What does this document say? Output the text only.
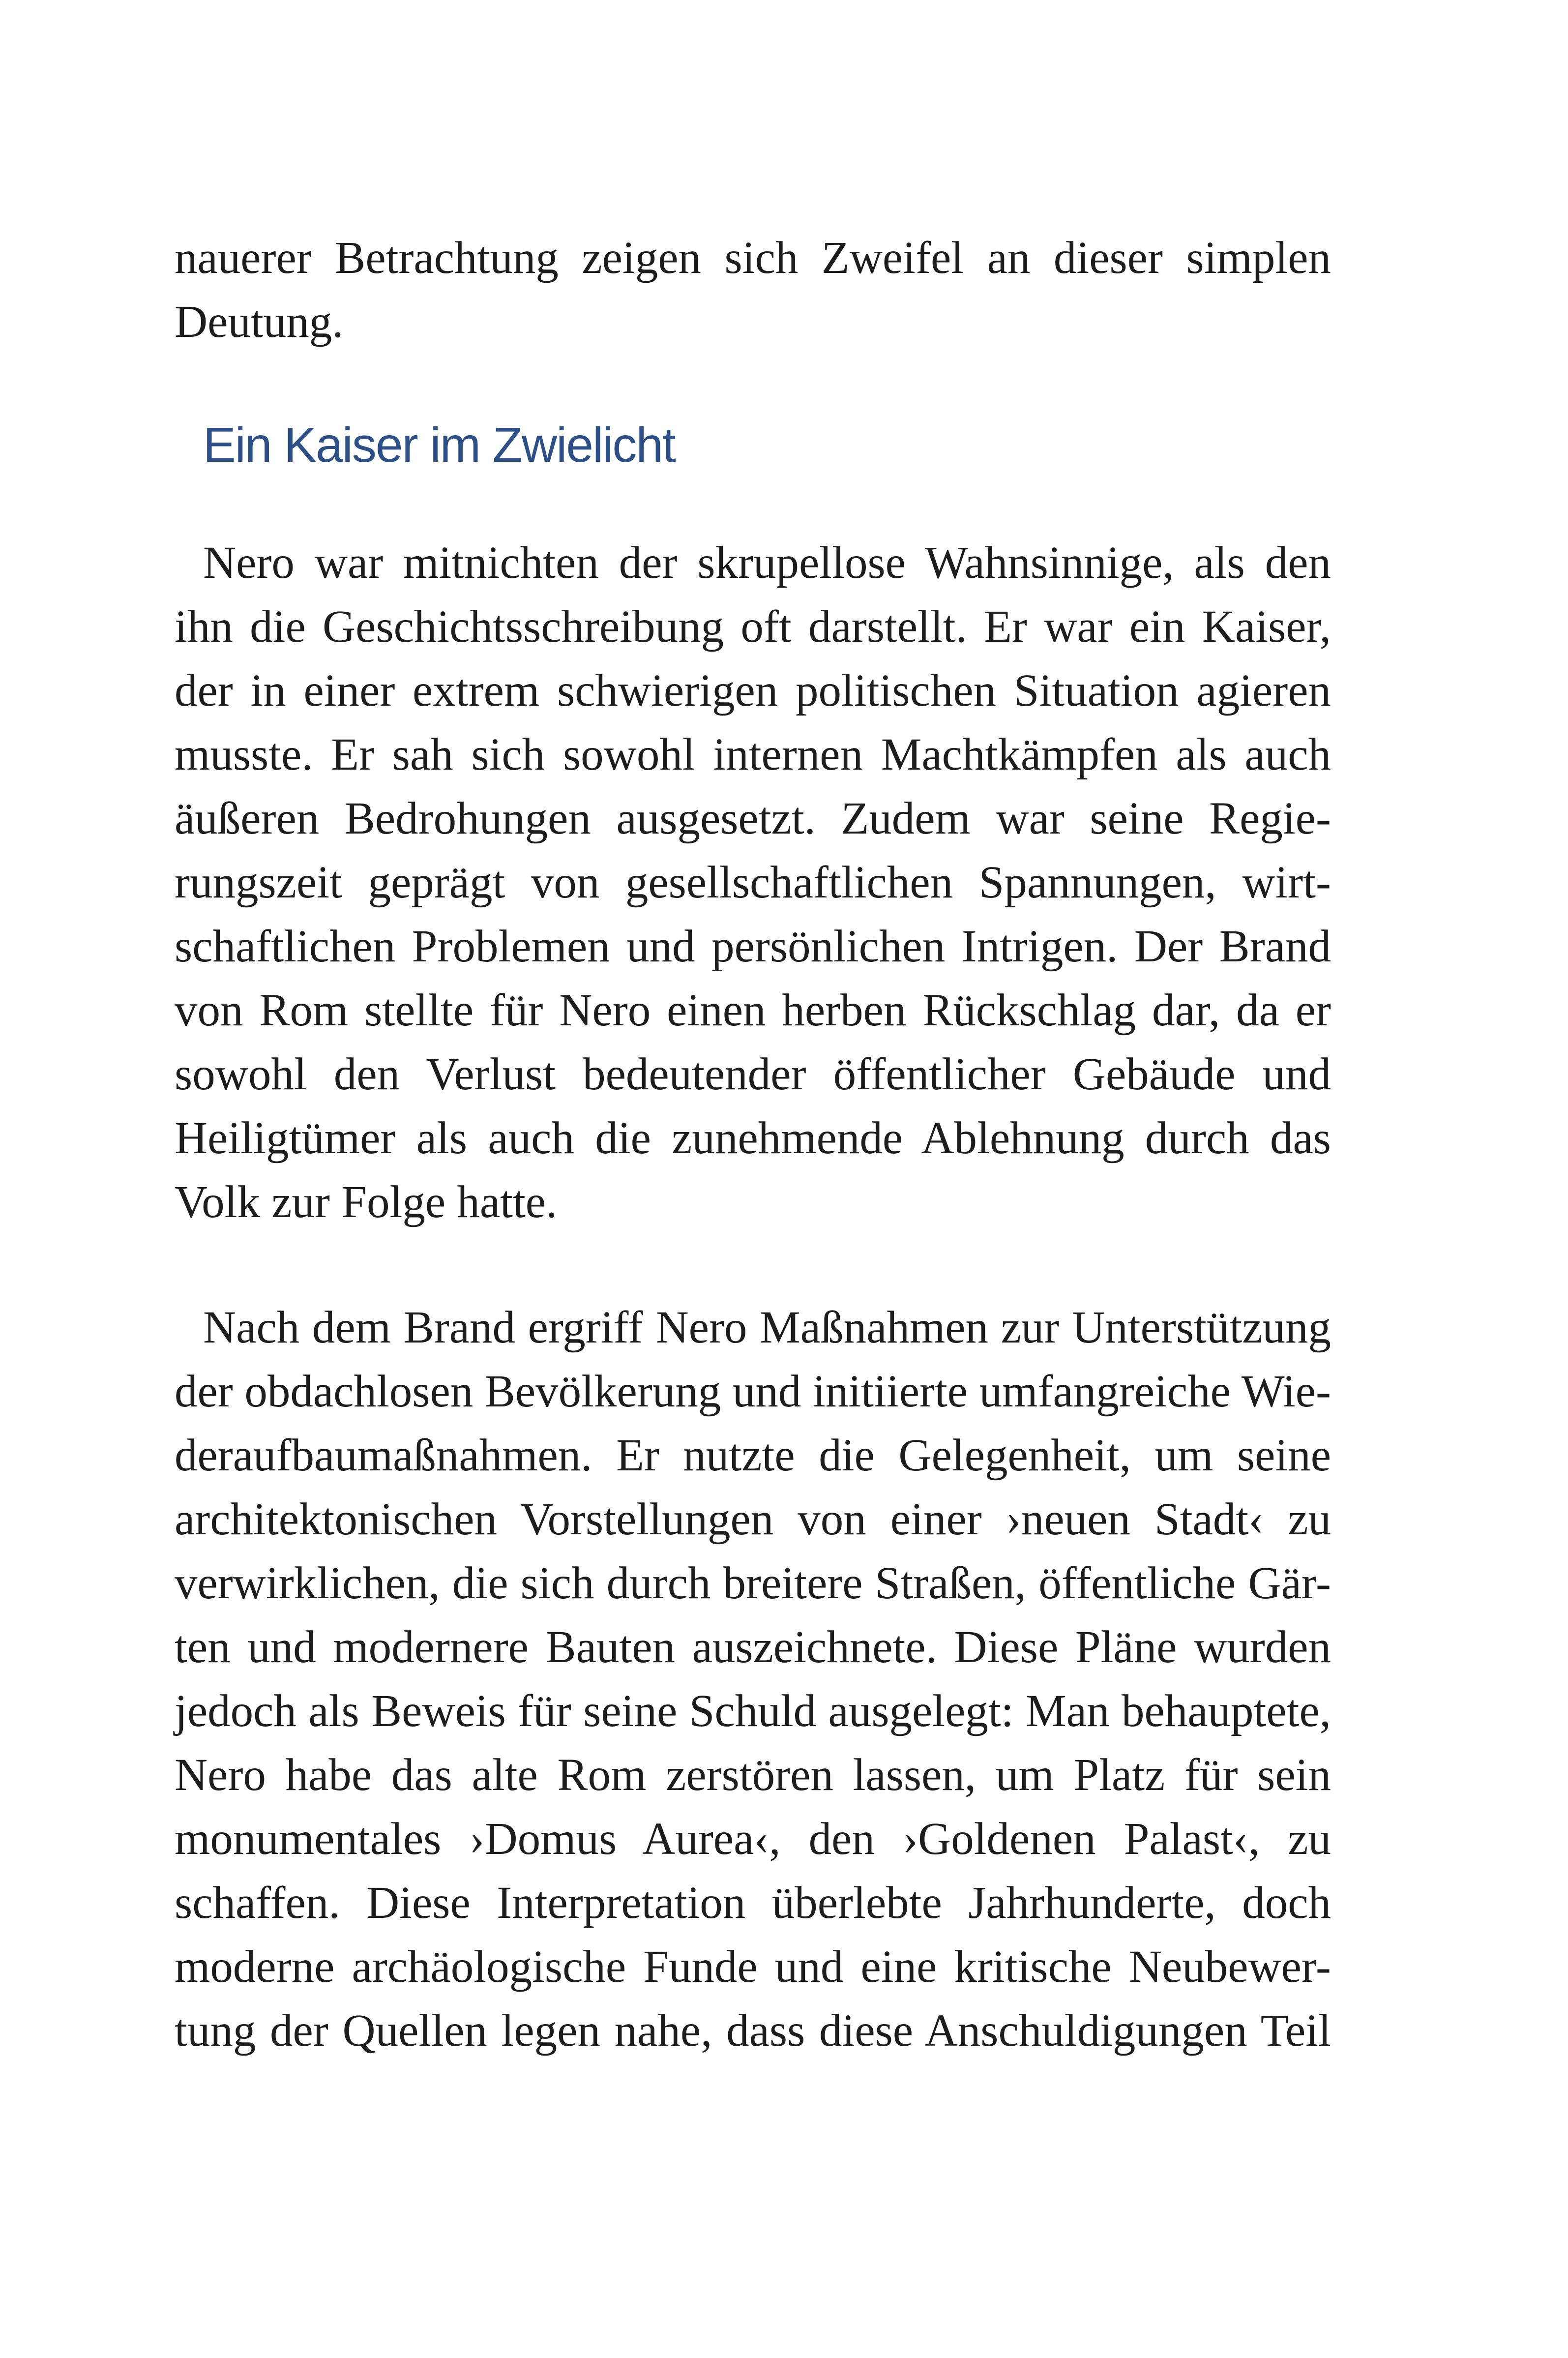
nauerer Betrachtung zeigen sich Zweifel an dieser simplen

Deutung.

Ein Kaiser im Zwielicht

Nero war mitnichten der skrupellose Wahnsinnige, als den

ihn die Geschichtsschreibung oft darstellt. Er war ein Kaiser,

der in einer extrem schwierigen politischen Situation agieren

musste. Er sah sich sowohl internen Machtkämpfen als auch

äußeren Bedrohungen ausgesetzt. Zudem war seine Regie-

rungszeit geprägt von gesellschaftlichen Spannungen, wirt-

schaftlichen Problemen und persönlichen Intrigen. Der Brand

von Rom stellte für Nero einen herben Rückschlag dar, da er

sowohl den Verlust bedeutender öffentlicher Gebäude und

Heiligtümer als auch die zunehmende Ablehnung durch das

Volk zur Folge hatte.

Nach dem Brand ergriff Nero Maßnahmen zur Unterstützung

der obdachlosen Bevölkerung und initiierte umfangreiche Wie-

deraufbaumaßnahmen. Er nutzte die Gelegenheit, um seine

architektonischen Vorstellungen von einer ›neuen Stadt‹ zu

verwirklichen, die sich durch breitere Straßen, öffentliche Gär-

ten und modernere Bauten auszeichnete. Diese Pläne wurden

jedoch als Beweis für seine Schuld ausgelegt: Man behauptete,

Nero habe das alte Rom zerstören lassen, um Platz für sein

monumentales ›Domus Aurea‹, den ›Goldenen Palast‹, zu

schaffen. Diese Interpretation überlebte Jahrhunderte, doch

moderne archäologische Funde und eine kritische Neubewer-

tung der Quellen legen nahe, dass diese Anschuldigungen Teil
